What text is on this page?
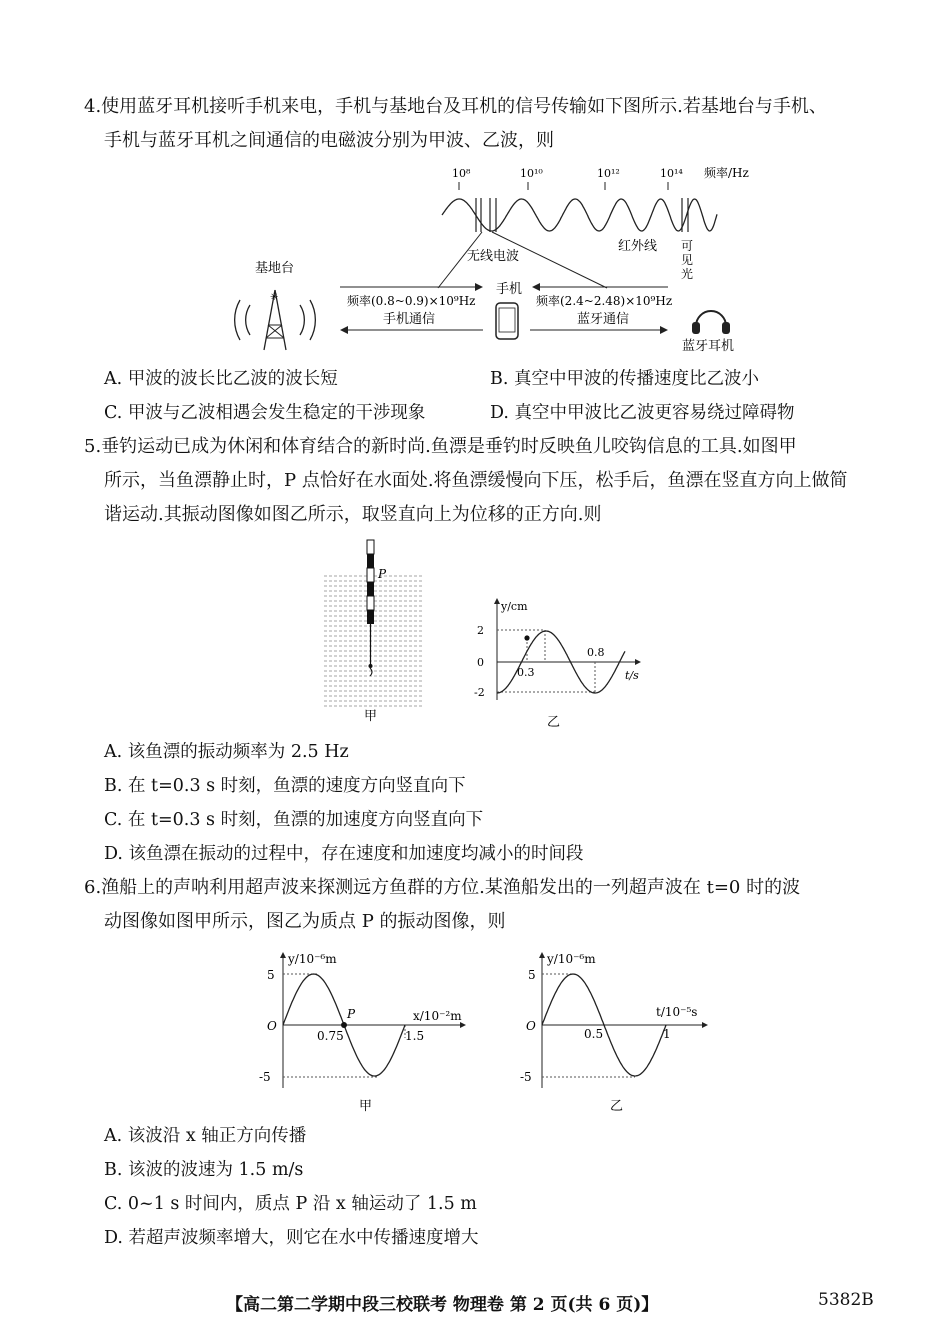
4.使用蓝牙耳机接听手机来电，手机与基地台及耳机的信号传输如下图所示.若基地台与手机、
手机与蓝牙耳机之间通信的电磁波分别为甲波、乙波，则
10⁸	10¹⁰	10¹²	10¹⁴ 频率/Hz
无线电波
红外线 可
见
光
基地台
✳	频率(0.8~0.9)×10⁹Hz
手机通信
频率(2.4~2.48)×10⁹Hz
蓝牙通信
手机
蓝牙耳机
A. 甲波的波长比乙波的波长短	B. 真空中甲波的传播速度比乙波小
C. 甲波与乙波相遇会发生稳定的干涉现象	D. 真空中甲波比乙波更容易绕过障碍物
5.垂钓运动已成为休闲和体育结合的新时尚.鱼漂是垂钓时反映鱼儿咬钩信息的工具.如图甲
所示，当鱼漂静止时，P 点恰好在水面处.将鱼漂缓慢向下压，松手后，鱼漂在竖直方向上做简
谐运动.其振动图像如图乙所示，取竖直向上为位移的正方向.则
P
甲
y/cm
t/s
2
0
-2
0.3
0.8
乙
A. 该鱼漂的振动频率为 2.5 Hz
B. 在 t=0.3 s 时刻，鱼漂的速度方向竖直向下
C. 在 t=0.3 s 时刻，鱼漂的加速度方向竖直向下
D. 该鱼漂在振动的过程中，存在速度和加速度均减小的时间段
6.渔船上的声呐利用超声波来探测远方鱼群的方位.某渔船发出的一列超声波在 t=0 时的波
动图像如图甲所示，图乙为质点 P 的振动图像，则
y/10⁻⁶m
x/10⁻²m
5
-5
O
P
0.75	1.5
甲
y/10⁻⁶m
t/10⁻⁵s
5
-5
O
0.5	1
乙
A. 该波沿 x 轴正方向传播
B. 该波的波速为 1.5 m/s
C. 0~1 s 时间内，质点 P 沿 x 轴运动了 1.5 m
D. 若超声波频率增大，则它在水中传播速度增大
【高二第二学期中段三校联考 物理卷 第 2 页(共 6 页)】	5382B
